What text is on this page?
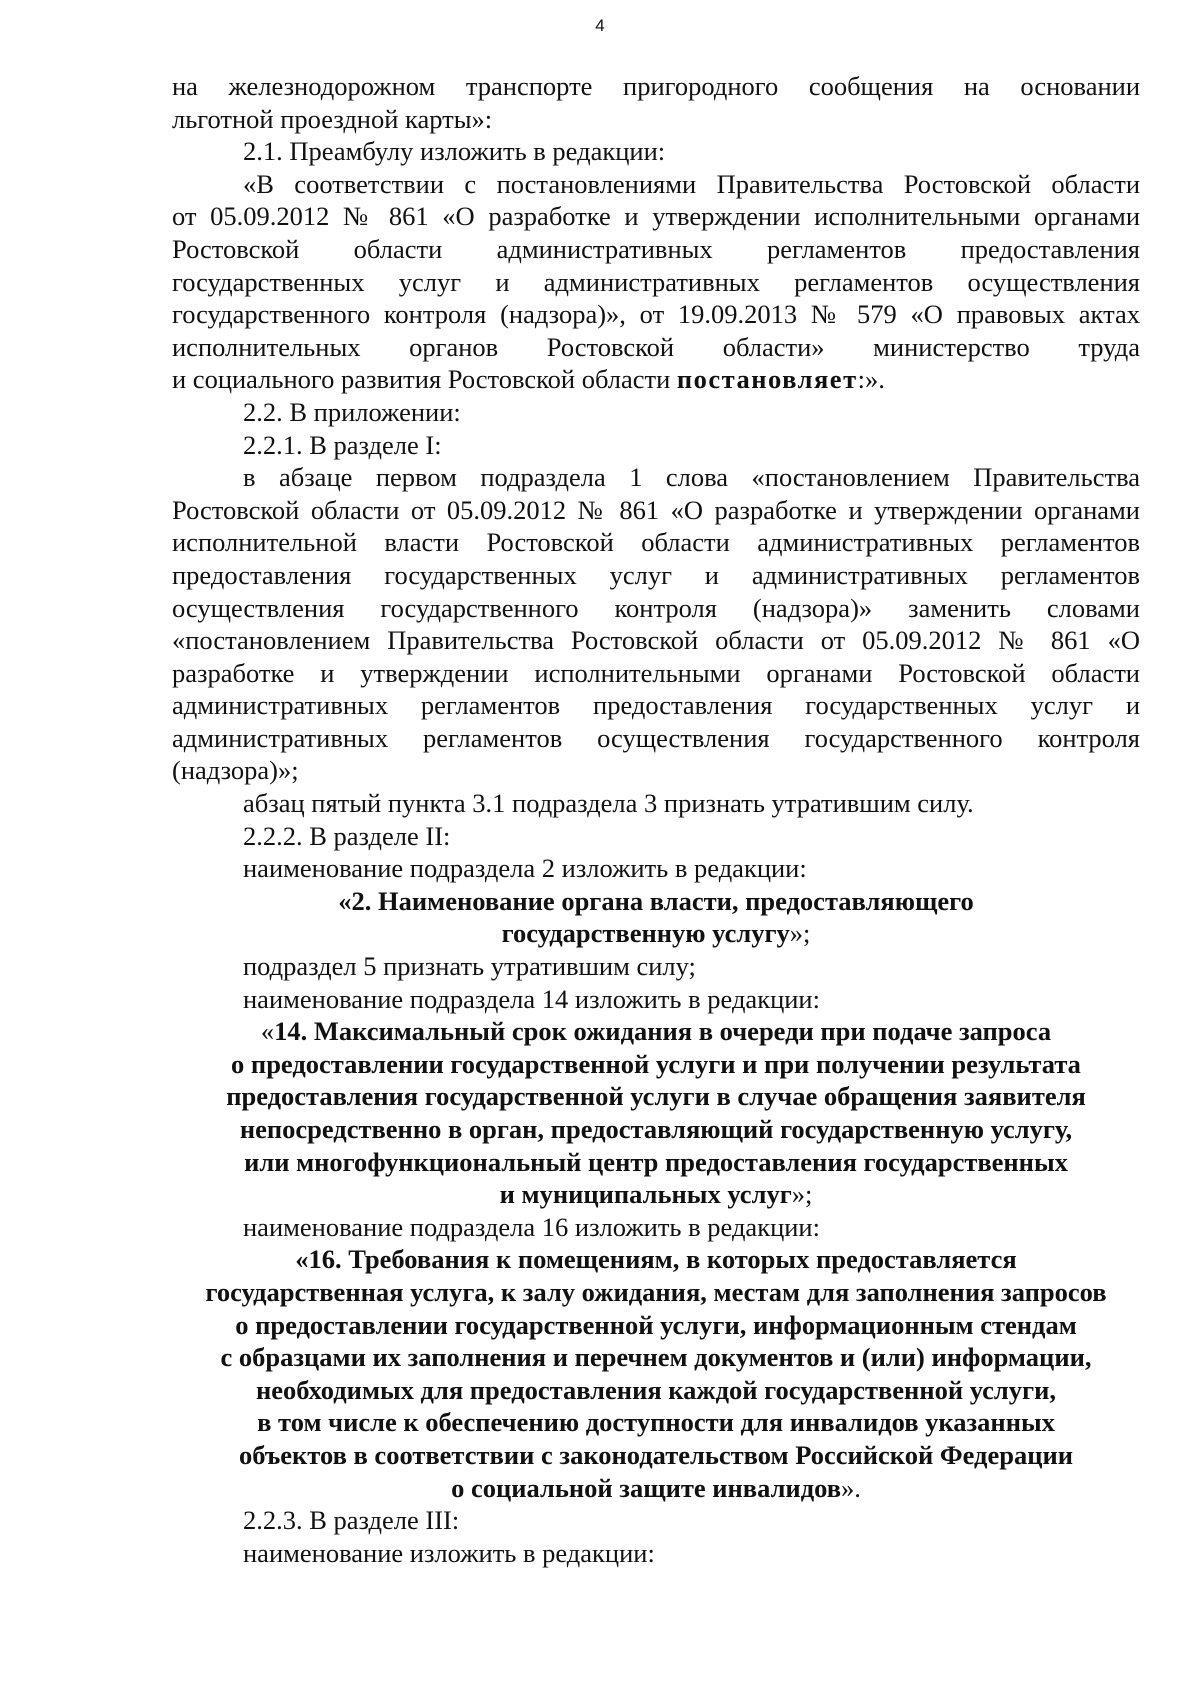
4
на железнодорожном транспорте пригородного сообщения на основании
льготной проездной карты»:
2.1. Преамбулу изложить в редакции:
«В соответствии с постановлениями Правительства Ростовской области
от 05.09.2012 № 861 «О разработке и утверждении исполнительными органами
Ростовской области административных регламентов предоставления
государственных услуг и административных регламентов осуществления
государственного контроля (надзора)», от 19.09.2013 № 579 «О правовых актах
исполнительных органов Ростовской области» министерство труда
и социального развития Ростовской области постановляет:».
2.2. В приложении:
2.2.1. В разделе I:
в абзаце первом подраздела 1 слова «постановлением Правительства Ростовской области от 05.09.2012 № 861 «О разработке и утверждении органами исполнительной власти Ростовской области административных регламентов предоставления государственных услуг и административных регламентов осуществления государственного контроля (надзора)» заменить словами «постановлением Правительства Ростовской области от 05.09.2012 № 861 «О разработке и утверждении исполнительными органами Ростовской области административных регламентов предоставления государственных услуг и административных регламентов осуществления государственного контроля (надзора)»;
абзац пятый пункта 3.1 подраздела 3 признать утратившим силу.
2.2.2. В разделе II:
наименование подраздела 2 изложить в редакции:
«2. Наименование органа власти, предоставляющего
государственную услугу»;
подраздел 5 признать утратившим силу;
наименование подраздела 14 изложить в редакции:
«14. Максимальный срок ожидания в очереди при подаче запроса
о предоставлении государственной услуги и при получении результата
предоставления государственной услуги в случае обращения заявителя
непосредственно в орган, предоставляющий государственную услугу,
или многофункциональный центр предоставления государственных
и муниципальных услуг»;
наименование подраздела 16 изложить в редакции:
«16. Требования к помещениям, в которых предоставляется
государственная услуга, к залу ожидания, местам для заполнения запросов
о предоставлении государственной услуги, информационным стендам
с образцами их заполнения и перечнем документов и (или) информации,
необходимых для предоставления каждой государственной услуги,
в том числе к обеспечению доступности для инвалидов указанных
объектов в соответствии с законодательством Российской Федерации
о социальной защите инвалидов».
2.2.3. В разделе III:
наименование изложить в редакции:
